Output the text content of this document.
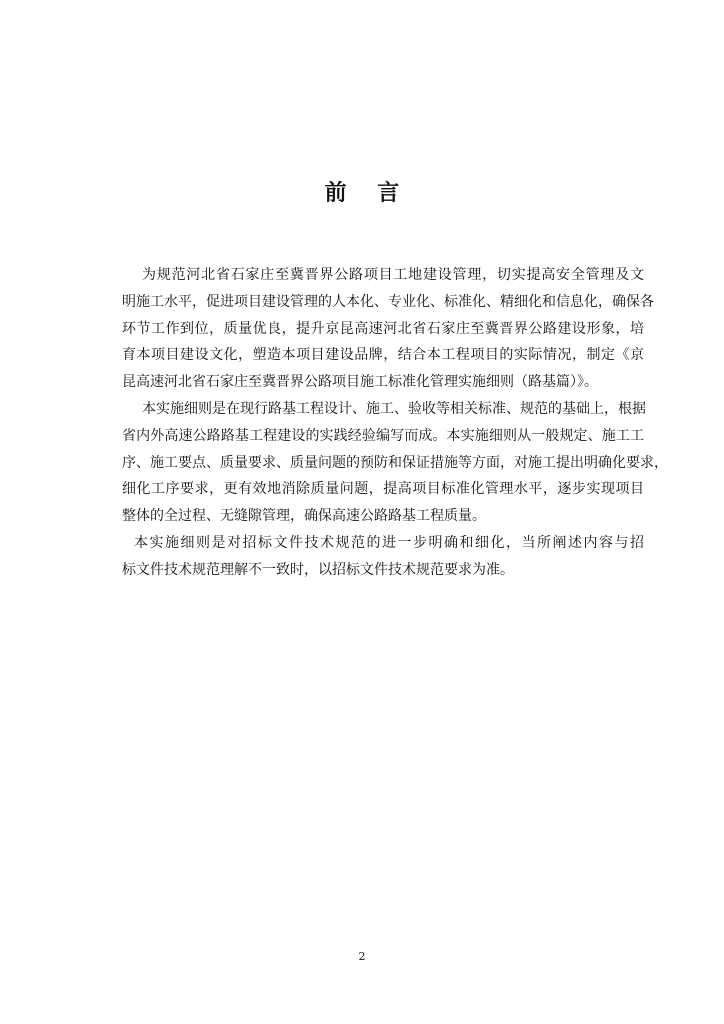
前    言
为规范河北省石家庄至冀晋界公路项目工地建设管理，切实提高安全管理及文
明施工水平，促进项目建设管理的人本化、专业化、标准化、精细化和信息化，确保各
环节工作到位，质量优良，提升京昆高速河北省石家庄至冀晋界公路建设形象，培
育本项目建设文化，塑造本项目建设品牌，结合本工程项目的实际情况，制定《京
昆高速河北省石家庄至冀晋界公路项目施工标准化管理实施细则（路基篇）》。
本实施细则是在现行路基工程设计、施工、验收等相关标准、规范的基础上，根据
省内外高速公路路基工程建设的实践经验编写而成。本实施细则从一般规定、施工工
序、施工要点、质量要求、质量问题的预防和保证措施等方面，对施工提出明确化要求，
细化工序要求，更有效地消除质量问题，提高项目标准化管理水平，逐步实现项目
整体的全过程、无缝隙管理，确保高速公路路基工程质量。
本实施细则是对招标文件技术规范的进一步明确和细化，当所阐述内容与招
标文件技术规范理解不一致时，以招标文件技术规范要求为准。
2
